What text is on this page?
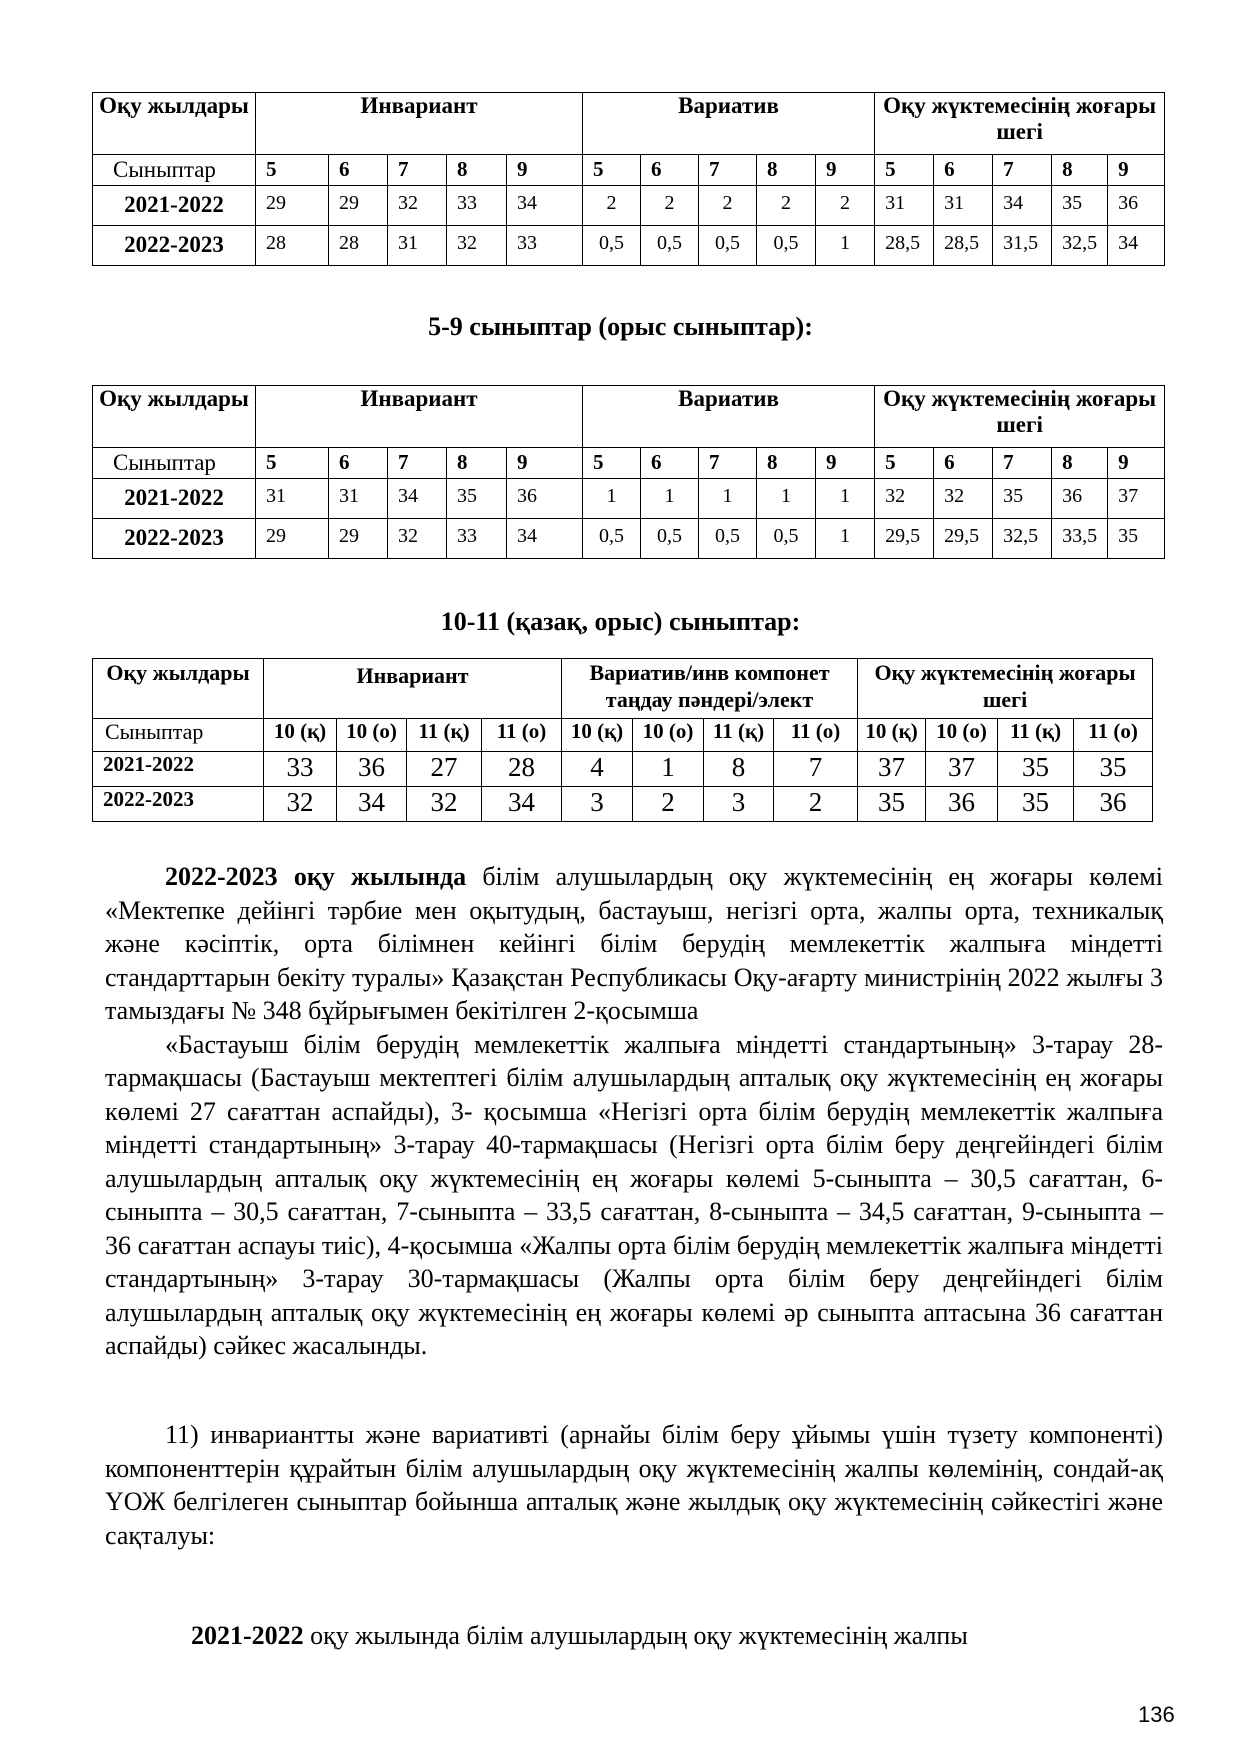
Оқу жылдары	Инвариант					Вариатив					Оқу жүктемесінің жоғары шегі				
Сыныптар	5	6	7	8	9	5	6	7	8	9	5	6	7	8	9
2021-2022	29	29	32	33	34	2	2	2	2	2	31	31	34	35	36
2022-2023	28	28	31	32	33	0,5	0,5	0,5	0,5	1	28,5	28,5	31,5	32,5	34
5-9 сыныптар (орыс сыныптар):
Оқу жылдары	Инвариант					Вариатив					Оқу жүктемесінің жоғары шегі				
Сыныптар	5	6	7	8	9	5	6	7	8	9	5	6	7	8	9
2021-2022	31	31	34	35	36	1	1	1	1	1	32	32	35	36	37
2022-2023	29	29	32	33	34	0,5	0,5	0,5	0,5	1	29,5	29,5	32,5	33,5	35
10-11 (қазақ, орыс) сыныптар:
Оқу жылдары	Инвариант				Вариатив/инв компонет таңдау пәндері/элект				Оқу жүктемесінің жоғары шегі			
Сыныптар	10 (қ)	10 (о)	11 (қ)	11 (о)	10 (қ)	10 (о)	11 (қ)	11 (о)	10 (қ)	10 (о)	11 (қ)	11 (о)
2021-2022	33	36	27	28	4	1	8	7	37	37	35	35
2022-2023	32	34	32	34	3	2	3	2	35	36	35	36
2022-2023 оқу жылында білім алушылардың оқу жүктемесінің ең жоғары көлемі «Мектепке дейінгі тәрбие мен оқытудың, бастауыш, негізгі орта, жалпы орта, техникалық және кәсіптік, орта білімнен кейінгі білім берудің мемлекеттік жалпыға міндетті стандарттарын бекіту туралы» Қазақстан Республикасы Оқу-ағарту министрінің 2022 жылғы 3 тамыздағы № 348 бұйрығымен бекітілген 2-қосымша
«Бастауыш білім берудің мемлекеттік жалпыға міндетті стандартының» 3-тарау 28- тармақшасы (Бастауыш мектептегі білім алушылардың апталық оқу жүктемесінің ең жоғары көлемі 27 сағаттан аспайды), 3- қосымша «Негізгі орта білім берудің мемлекеттік жалпыға міндетті стандартының» 3-тарау 40-тармақшасы (Негізгі орта білім беру деңгейіндегі білім алушылардың апталық оқу жүктемесінің ең жоғары көлемі 5-сыныпта – 30,5 сағаттан, 6-сыныпта – 30,5 сағаттан, 7-сыныпта – 33,5 сағаттан, 8-сыныпта – 34,5 сағаттан, 9-сыныпта – 36 сағаттан аспауы тиіс), 4-қосымша «Жалпы орта білім берудің мемлекеттік жалпыға міндетті стандартының» 3-тарау 30-тармақшасы (Жалпы орта білім беру деңгейіндегі білім алушылардың апталық оқу жүктемесінің ең жоғары көлемі әр сыныпта аптасына 36 сағаттан аспайды) сәйкес жасалынды.
11) инвариантты және вариативті (арнайы білім беру ұйымы үшін түзету компоненті) компоненттерін құрайтын білім алушылардың оқу жүктемесінің жалпы көлемінің, сондай-ақ ҮОЖ белгілеген сыныптар бойынша апталық және жылдық оқу жүктемесінің сәйкестігі және сақталуы:
2021-2022 оқу жылында білім алушылардың оқу жүктемесінің жалпы
136
